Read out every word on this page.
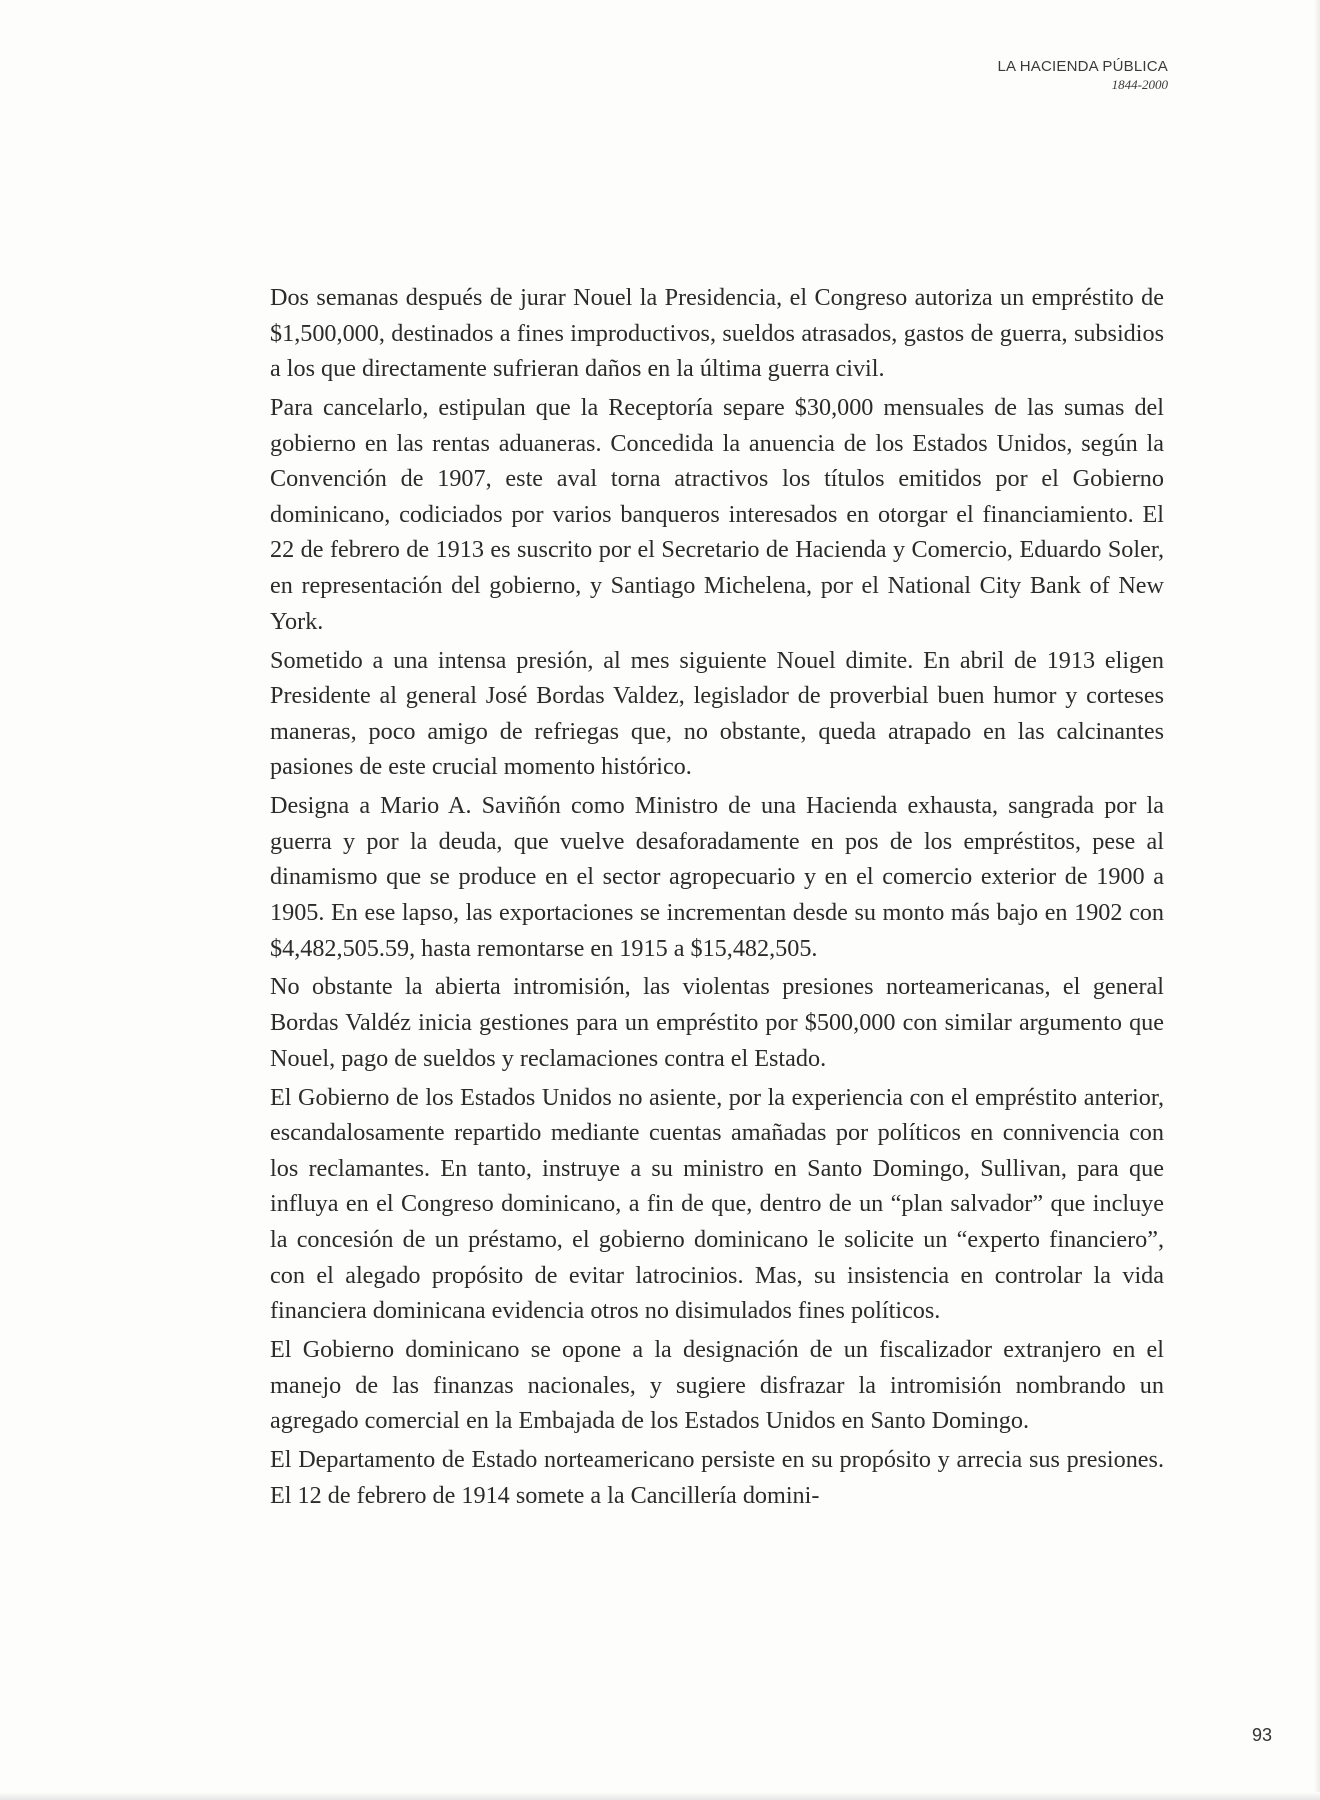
LA HACIENDA PÚBLICA
1844-2000

Dos semanas después de jurar Nouel la Presidencia, el Congreso autoriza un empréstito de $1,500,000, destinados a fines improductivos, sueldos atrasados, gastos de guerra, subsidios a los que directamente sufrieran daños en la última guerra civil.

Para cancelarlo, estipulan que la Receptoría separe $30,000 mensuales de las sumas del gobierno en las rentas aduaneras. Concedida la anuencia de los Estados Unidos, según la Convención de 1907, este aval torna atractivos los títulos emitidos por el Gobierno dominicano, codiciados por varios banqueros interesados en otorgar el financiamiento. El 22 de febrero de 1913 es suscrito por el Secretario de Hacienda y Comercio, Eduardo Soler, en representación del gobierno, y Santiago Michelena, por el National City Bank of New York.

Sometido a una intensa presión, al mes siguiente Nouel dimite. En abril de 1913 eligen Presidente al general José Bordas Valdez, legislador de proverbial buen humor y corteses maneras, poco amigo de refriegas que, no obstante, queda atrapado en las calcinantes pasiones de este crucial momento histórico.

Designa a Mario A. Saviñón como Ministro de una Hacienda exhausta, sangrada por la guerra y por la deuda, que vuelve desaforadamente en pos de los empréstitos, pese al dinamismo que se produce en el sector agropecuario y en el comercio exterior de 1900 a 1905. En ese lapso, las exportaciones se incrementan desde su monto más bajo en 1902 con $4,482,505.59, hasta remontarse en 1915 a $15,482,505.

No obstante la abierta intromisión, las violentas presiones norteamericanas, el general Bordas Valdéz inicia gestiones para un empréstito por $500,000 con similar argumento que Nouel, pago de sueldos y reclamaciones contra el Estado.

El Gobierno de los Estados Unidos no asiente, por la experiencia con el empréstito anterior, escandalosamente repartido mediante cuentas amañadas por políticos en connivencia con los reclamantes. En tanto, instruye a su ministro en Santo Domingo, Sullivan, para que influya en el Congreso dominicano, a fin de que, dentro de un “plan salvador” que incluye la concesión de un préstamo, el gobierno dominicano le solicite un “experto financiero”, con el alegado propósito de evitar latrocinios. Mas, su insistencia en controlar la vida financiera dominicana evidencia otros no disimulados fines políticos.

El Gobierno dominicano se opone a la designación de un fiscalizador extranjero en el manejo de las finanzas nacionales, y sugiere disfrazar la intromisión nombrando un agregado comercial en la Embajada de los Estados Unidos en Santo Domingo.

El Departamento de Estado norteamericano persiste en su propósito y arrecia sus presiones. El 12 de febrero de 1914 somete a la Cancillería domini-

93
